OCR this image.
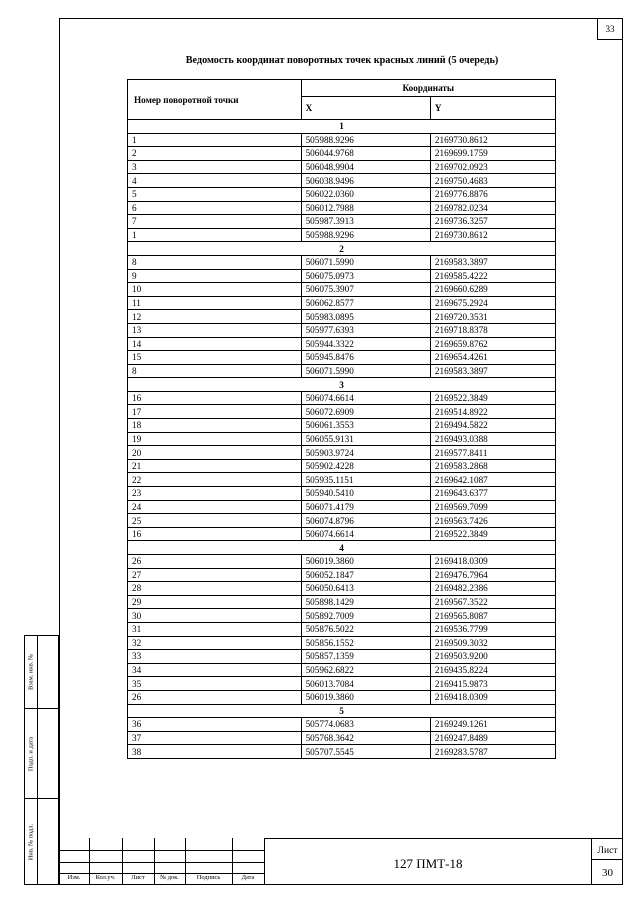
33
Ведомость координат поворотных точек красных линий (5 очередь)
Номер поворотной точки	Координаты	
	X	Y
1		
1	505988.9296	2169730.8612
2	506044.9768	2169699.1759
3	506048.9904	2169702.0923
4	506038.9496	2169750.4683
5	506022.0360	2169776.8876
6	506012.7988	2169782.0234
7	505987.3913	2169736.3257
1	505988.9296	2169730.8612
2		
8	506071.5990	2169583.3897
9	506075.0973	2169585.4222
10	506075.3907	2169660.6289
11	506062.8577	2169675.2924
12	505983.0895	2169720.3531
13	505977.6393	2169718.8378
14	505944.3322	2169659.8762
15	505945.8476	2169654.4261
8	506071.5990	2169583.3897
3		
16	506074.6614	2169522.3849
17	506072.6909	2169514.8922
18	506061.3553	2169494.5822
19	506055.9131	2169493.0388
20	505903.9724	2169577.8411
21	505902.4228	2169583.2868
22	505935.1151	2169642.1087
23	505940.5410	2169643.6377
24	506071.4179	2169569.7099
25	506074.8796	2169563.7426
16	506074.6614	2169522.3849
4		
26	506019.3860	2169418.0309
27	506052.1847	2169476.7964
28	506050.6413	2169482.2386
29	505898.1429	2169567.3522
30	505892.7009	2169565.8087
31	505876.5022	2169536.7799
32	505856.1552	2169509.3032
33	505857.1359	2169503.9200
34	505962.6822	2169435.8224
35	506013.7084	2169415.9873
26	506019.3860	2169418.0309
5		
36	505774.0683	2169249.1261
37	505768.3642	2169247.8489
38	505707.5545	2169283.5787
Взам. инв. №
Подп. и дата
Инв. № подл.
Изм.	Кол.уч.	Лист	№ док.	Подпись	Дата
127 ПМТ-18
Лист
30
